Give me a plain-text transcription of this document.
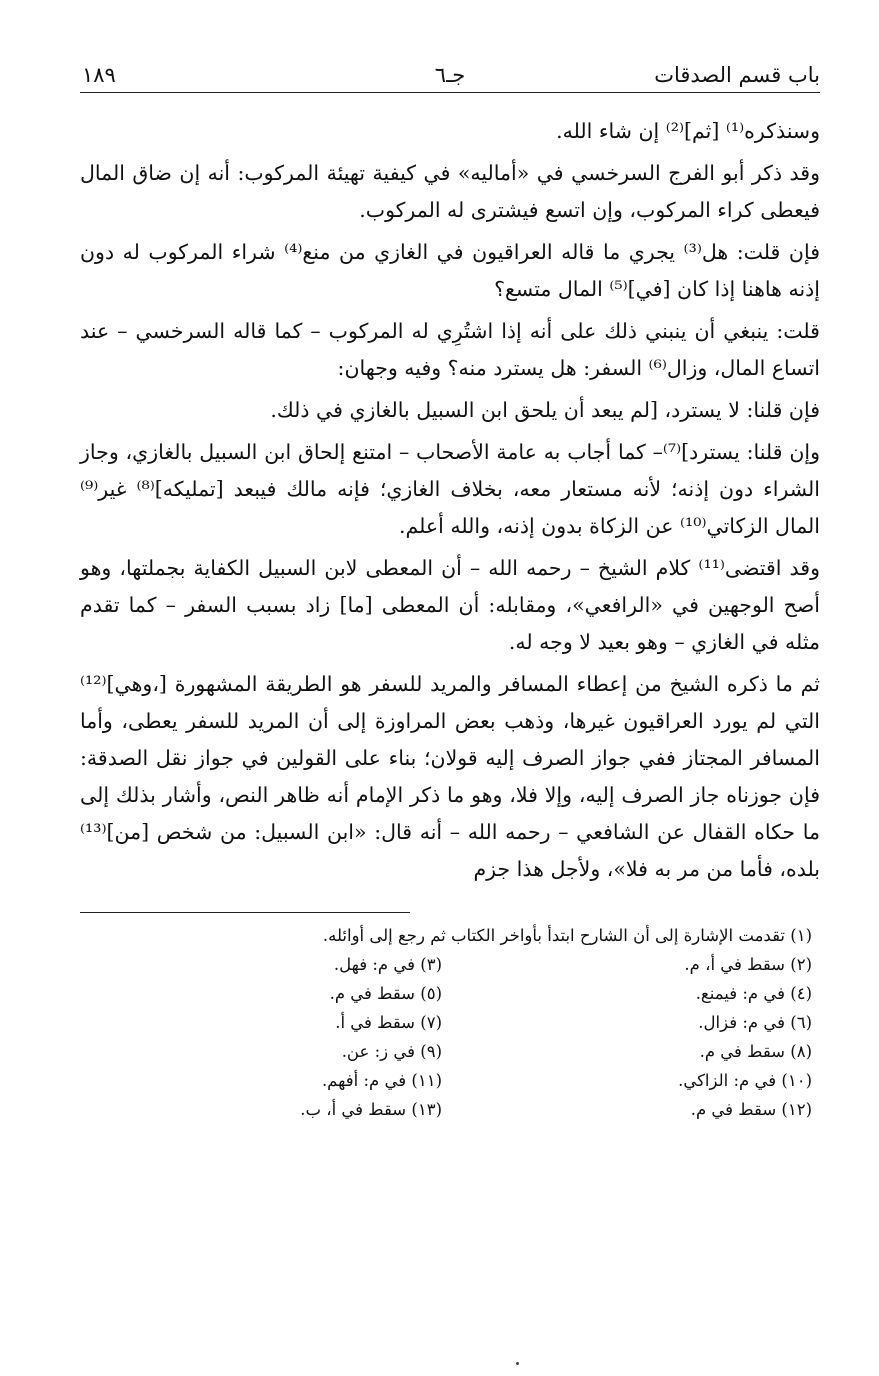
باب قسم الصدقات
جـ٦
١٨٩

وسنذكره⁽¹⁾ [ثم]⁽²⁾ إن شاء الله.

وقد ذكر أبو الفرج السرخسي في «أماليه» في كيفية تهيئة المركوب: أنه إن ضاق المال فيعطى كراء المركوب، وإن اتسع فيشترى له المركوب.

فإن قلت: هل⁽³⁾ يجري ما قاله العراقيون في الغازي من منع⁽⁴⁾ شراء المركوب له دون إذنه هاهنا إذا كان [في]⁽⁵⁾ المال متسع؟

قلت: ينبغي أن ينبني ذلك على أنه إذا اشتُرِي له المركوب – كما قاله السرخسي – عند اتساع المال، وزال⁽⁶⁾ السفر: هل يسترد منه؟ وفيه وجهان:

فإن قلنا: لا يسترد، [لم يبعد أن يلحق ابن السبيل بالغازي في ذلك.

وإن قلنا: يسترد]⁽⁷⁾– كما أجاب به عامة الأصحاب – امتنع إلحاق ابن السبيل بالغازي، وجاز الشراء دون إذنه؛ لأنه مستعار معه، بخلاف الغازي؛ فإنه مالك فيبعد [تمليكه]⁽⁸⁾ غير⁽⁹⁾ المال الزكاتي⁽¹⁰⁾ عن الزكاة بدون إذنه، والله أعلم.

وقد اقتضى⁽¹¹⁾ كلام الشيخ – رحمه الله – أن المعطى لابن السبيل الكفاية بجملتها، وهو أصح الوجهين في «الرافعي»، ومقابله: أن المعطى [ما] زاد بسبب السفر – كما تقدم مثله في الغازي – وهو بعيد لا وجه له.

ثم ما ذكره الشيخ من إعطاء المسافر والمريد للسفر هو الطريقة المشهورة [،وهي]⁽¹²⁾ التي لم يورد العراقيون غيرها، وذهب بعض المراوزة إلى أن المريد للسفر يعطى، وأما المسافر المجتاز ففي جواز الصرف إليه قولان؛ بناء على القولين في جواز نقل الصدقة: فإن جوزناه جاز الصرف إليه، وإلا فلا، وهو ما ذكر الإمام أنه ظاهر النص، وأشار بذلك إلى ما حكاه القفال عن الشافعي – رحمه الله – أنه قال: «ابن السبيل: من شخص [من]⁽¹³⁾ بلده، فأما من مر به فلا»، ولأجل هذا جزم

(١) تقدمت الإشارة إلى أن الشارح ابتدأ بأواخر الكتاب ثم رجع إلى أوائله.

(٢) سقط في أ، م.
(٣) في م: فهل.
(٤) في م: فيمنع.
(٥) سقط في م.
(٦) في م: فزال.
(٧) سقط في أ.
(٨) سقط في م.
(٩) في ز: عن.
(١٠) في م: الزاكي.
(١١) في م: أفهم.
(١٢) سقط في م.
(١٣) سقط في أ، ب.
